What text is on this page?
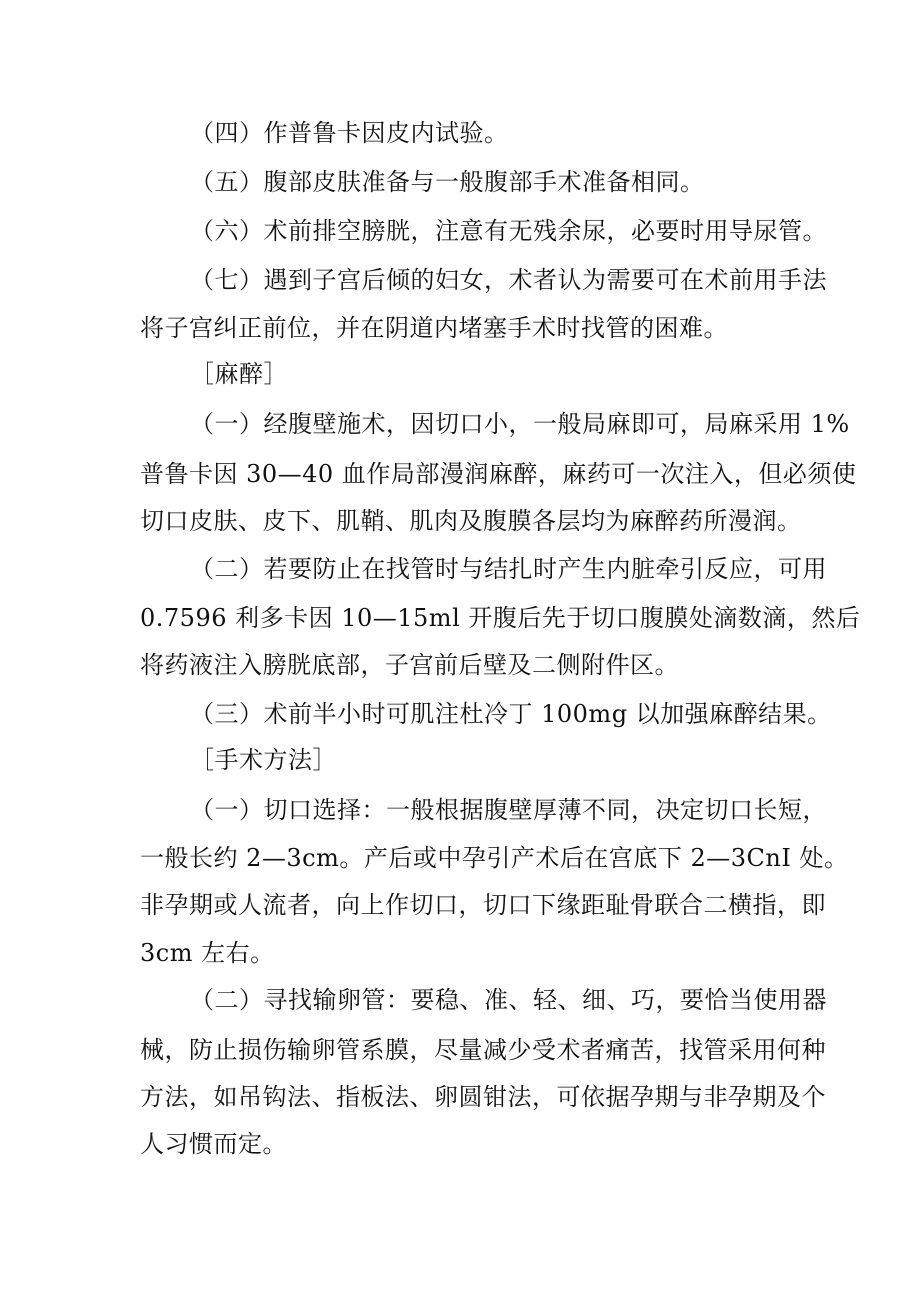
（四）作普鲁卡因皮内试验。
（五）腹部皮肤准备与一般腹部手术准备相同。
（六）术前排空膀胱，注意有无残余尿，必要时用导尿管。
（七）遇到子宫后倾的妇女，术者认为需要可在术前用手法
将子宫纠正前位，并在阴道内堵塞手术时找管的困难。
［麻醉］
（一）经腹壁施术，因切口小，一般局麻即可，局麻采用 1%
普鲁卡因 30—40 血作局部漫润麻醉，麻药可一次注入，但必须使
切口皮肤、皮下、肌鞘、肌肉及腹膜各层均为麻醉药所漫润。
（二）若要防止在找管时与结扎时产生内脏牵引反应，可用
0.7596 利多卡因 10—15ml 开腹后先于切口腹膜处滴数滴，然后
将药液注入膀胱底部，子宫前后壁及二侧附件区。
（三）术前半小时可肌注杜冷丁 100mg 以加强麻醉结果。
［手术方法］
（一）切口选择：一般根据腹壁厚薄不同，决定切口长短，
一般长约 2—3cm。产后或中孕引产术后在宫底下 2—3CnI 处。
非孕期或人流者，向上作切口，切口下缘距耻骨联合二横指，即
3cm 左右。
（二）寻找输卵管：要稳、准、轻、细、巧，要恰当使用器
械，防止损伤输卵管系膜，尽量减少受术者痛苦，找管采用何种
方法，如吊钩法、指板法、卵圆钳法，可依据孕期与非孕期及个
人习惯而定。
